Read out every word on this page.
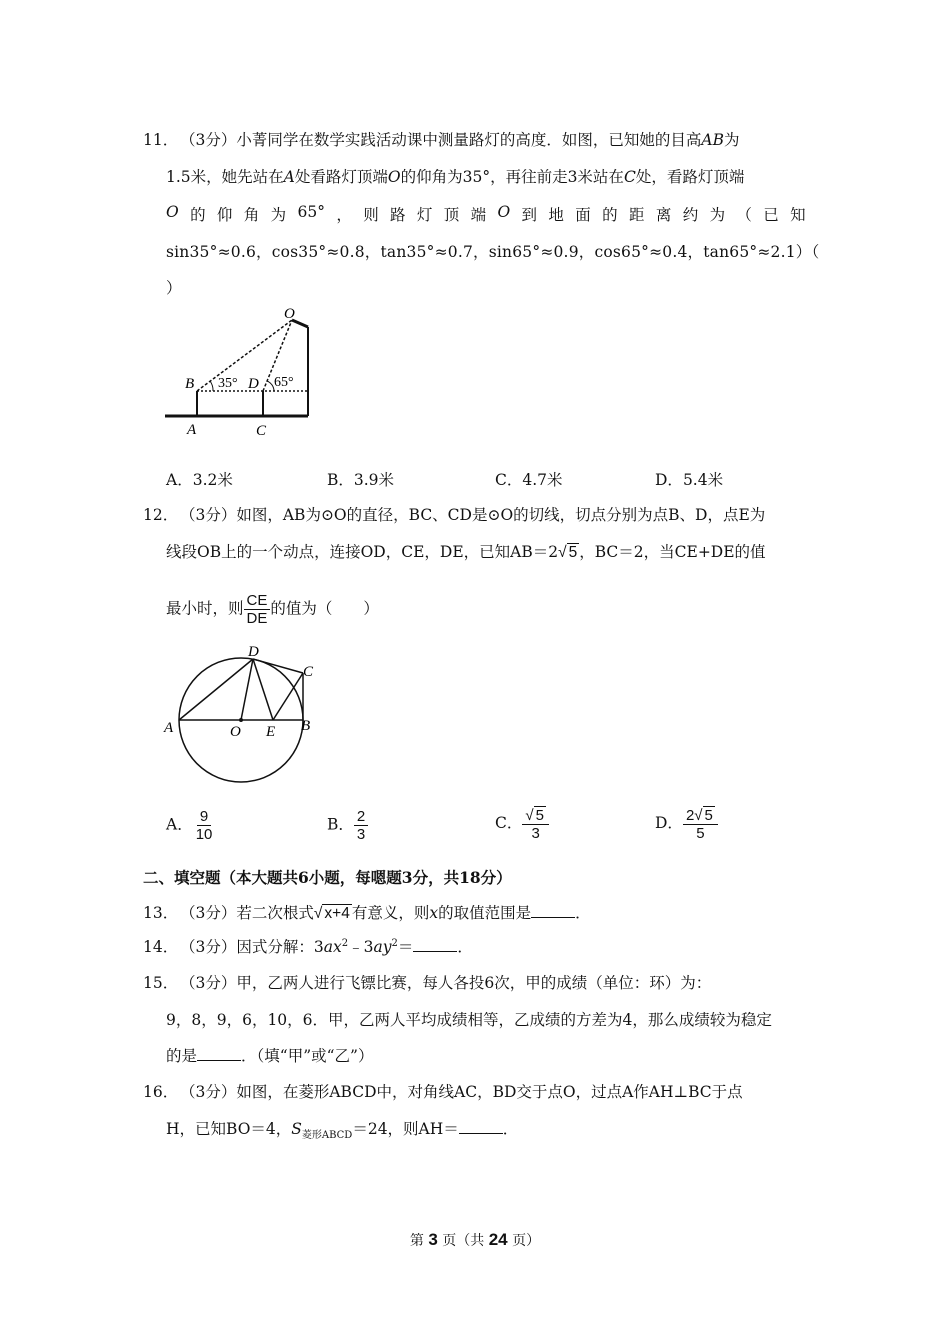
11． （3分）小菁同学在数学实践活动课中测量路灯的高度．如图，已知她的目高AB为
1.5米，她先站在A处看路灯顶端O的仰角为35°，再往前走3米站在C处，看路灯顶端
O 的 仰 角 为 65° ， 则 路 灯 顶 端 O 到 地 面 的 距 离 约 为 （ 已 知
sin35°≈0.6，cos35°≈0.8，tan35°≈0.7，sin65°≈0.9，cos65°≈0.4，tan65°≈2.1）（
）
O
B	D
A	C
35°	65°
A．3.2米	B．3.9米	C．4.7米	D．5.4米
12． （3分）如图，AB为⊙O的直径，BC、CD是⊙O的切线，切点分别为点B、D，点E为
线段OB上的一个动点，连接OD，CE，DE，已知AB＝2√ 5 ，BC＝2，当CE+DE的值
最小时，则 $\frac{CE}{DE}$ 的值为（　　）
D
C
A	O E B
A． $\frac{9}{10}$	B． $\frac{2}{3}$	C． $\frac{√ 5}{3}$	D． $\frac{2√ 5}{5}$
二、填空题（本大题共6小题，每嗯题3分，共18分）
13． （3分）若二次根式√ x+4 有意义，则x的取值范围是	．
14． （3分）因式分解：$3ax^2﹣3ay^2=$	．
15． （3分）甲，乙两人进行飞镖比赛，每人各投6次，甲的成绩（单位：环）为：
9，8，9，6，10，6．甲，乙两人平均成绩相等，乙成绩的方差为4，那么成绩较为稳定
的是	．（填“甲”或“乙”）
16． （3分）如图，在菱形ABCD中，对角线AC，BD交于点O，过点A作AH⊥BC于点
H，已知BO＝4，$S_{菱形ABCD}=24$，则AH＝	．
第 3 页（共 24 页）
